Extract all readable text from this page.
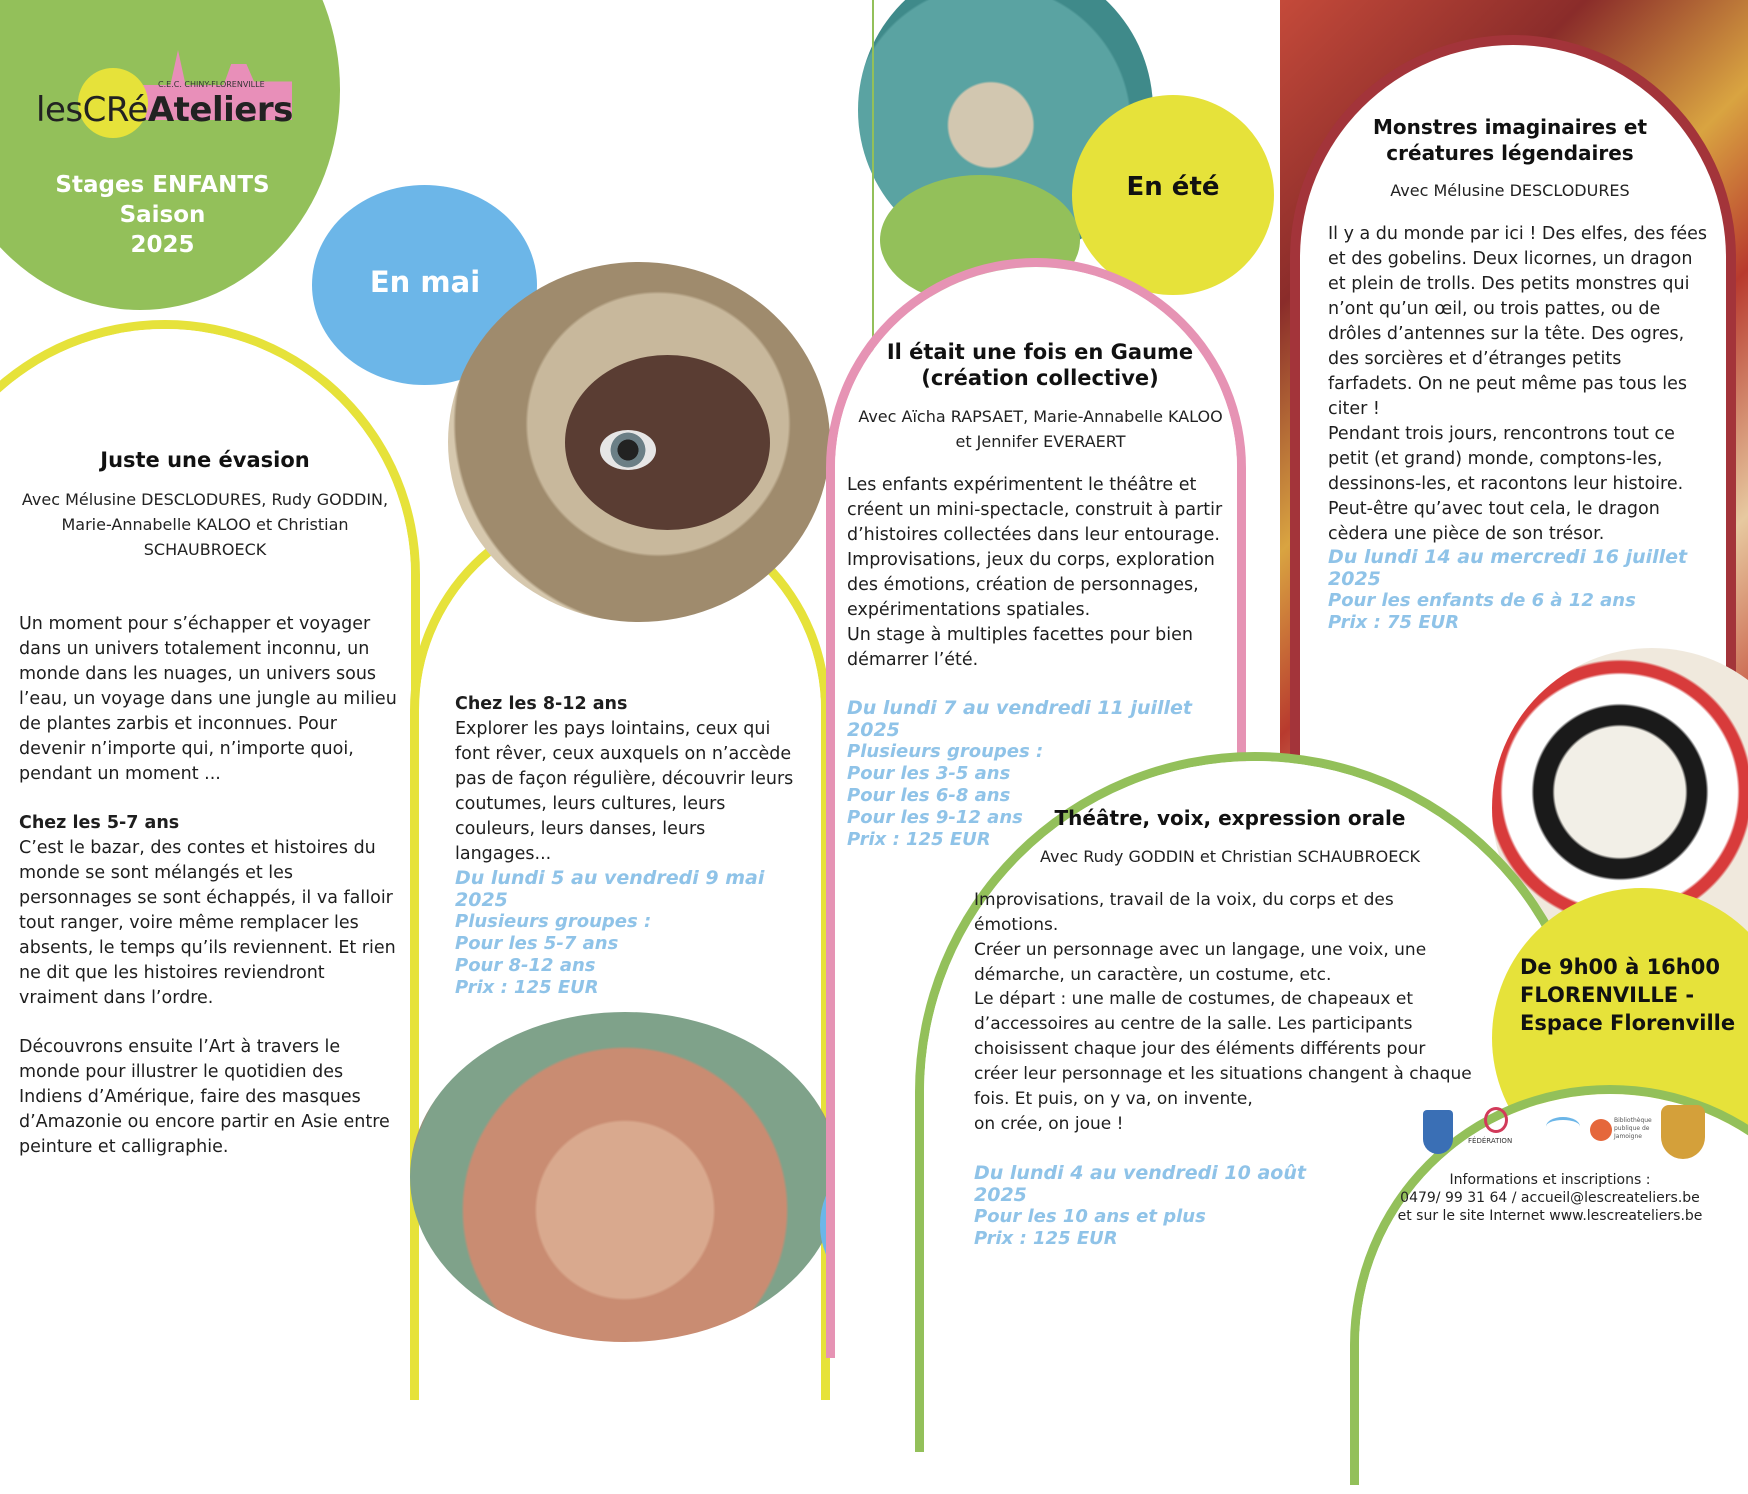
En mai
En été
C.E.C. CHINY-FLORENVILLE
lesCRéAteliers
Stages ENFANTS
Saison
2025
Juste une évasion
Avec Mélusine DESCLODURES, Rudy GODDIN, Marie-Annabelle KALOO et Christian SCHAUBROECK
Un moment pour s’échapper et voyager dans un univers totalement inconnu, un monde dans les nuages, un univers sous l’eau, un voyage dans une jungle au milieu de plantes zarbis et inconnues. Pour devenir n’importe qui, n’importe quoi, pendant un moment ...
Chez les 5-7 ans
C’est le bazar, des contes et histoires du monde se sont mélangés et les personnages se sont échappés, il va falloir tout ranger, voire même remplacer les absents, le temps qu’ils reviennent. Et rien ne dit que les histoires reviendront vraiment dans l’ordre.
Découvrons ensuite l’Art à travers le monde pour illustrer le quotidien des Indiens d’Amérique, faire des masques d’Amazonie ou encore partir en Asie entre peinture et calligraphie.
Chez les 8-12 ans
Explorer les pays lointains, ceux qui font rêver, ceux auxquels on n’accède pas de façon régulière, découvrir leurs coutumes, leurs cultures, leurs couleurs, leurs danses, leurs langages...
Du lundi 5 au vendredi 9 mai 2025
Plusieurs groupes :
Pour les 5-7 ans
Pour 8-12 ans
Prix : 125 EUR
Il était une fois en Gaume (création collective)
Avec Aïcha RAPSAET, Marie-Annabelle KALOO et Jennifer EVERAERT
Les enfants expérimentent le théâtre et créent un mini-spectacle, construit à partir d’histoires collectées dans leur entourage.
Improvisations, jeux du corps, exploration des émotions, création de personnages, expérimentations spatiales.
Un stage à multiples facettes pour bien démarrer l’été.
Du lundi 7 au vendredi 11 juillet 2025
Plusieurs groupes :
Pour les 3-5 ans
Pour les 6-8 ans
Pour les 9-12 ans
Prix : 125 EUR
Monstres imaginaires et créatures légendaires
Avec Mélusine DESCLODURES
Il y a du monde par ici ! Des elfes, des fées et des gobelins. Deux licornes, un dragon et plein de trolls. Des petits monstres qui n’ont qu’un œil, ou trois pattes, ou de drôles d’antennes sur la tête. Des ogres, des sorcières et d’étranges petits farfadets. On ne peut même pas tous les citer !
Pendant trois jours, rencontrons tout ce petit (et grand) monde, comptons-les, dessinons-les, et racontons leur histoire.
Peut-être qu’avec tout cela, le dragon cèdera une pièce de son trésor.
Du lundi 14 au mercredi 16 juillet 2025
Pour les enfants de 6 à 12 ans
Prix : 75 EUR
Théâtre, voix, expression orale
Avec Rudy GODDIN et Christian SCHAUBROECK
Improvisations, travail de la voix, du corps et des émotions.
Créer un personnage avec un langage, une voix, une démarche, un caractère, un costume, etc.
Le départ : une malle de costumes, de chapeaux et d’accessoires au centre de la salle. Les participants choisissent chaque jour des éléments différents pour
créer leur personnage et les situations changent à chaque fois. Et puis, on y va, on invente,
on crée, on joue !
Du lundi 4 au vendredi 10 août 2025
Pour les 10 ans et plus
Prix : 125 EUR
De 9h00 à 16h00
FLORENVILLE -
Espace Florenville
FÉDÉRATION
Bibliothèque publique de Jamoigne
Informations et inscriptions :
0479/ 99 31 64 / accueil@lescreateliers.be
et sur le site Internet www.lescreateliers.be
